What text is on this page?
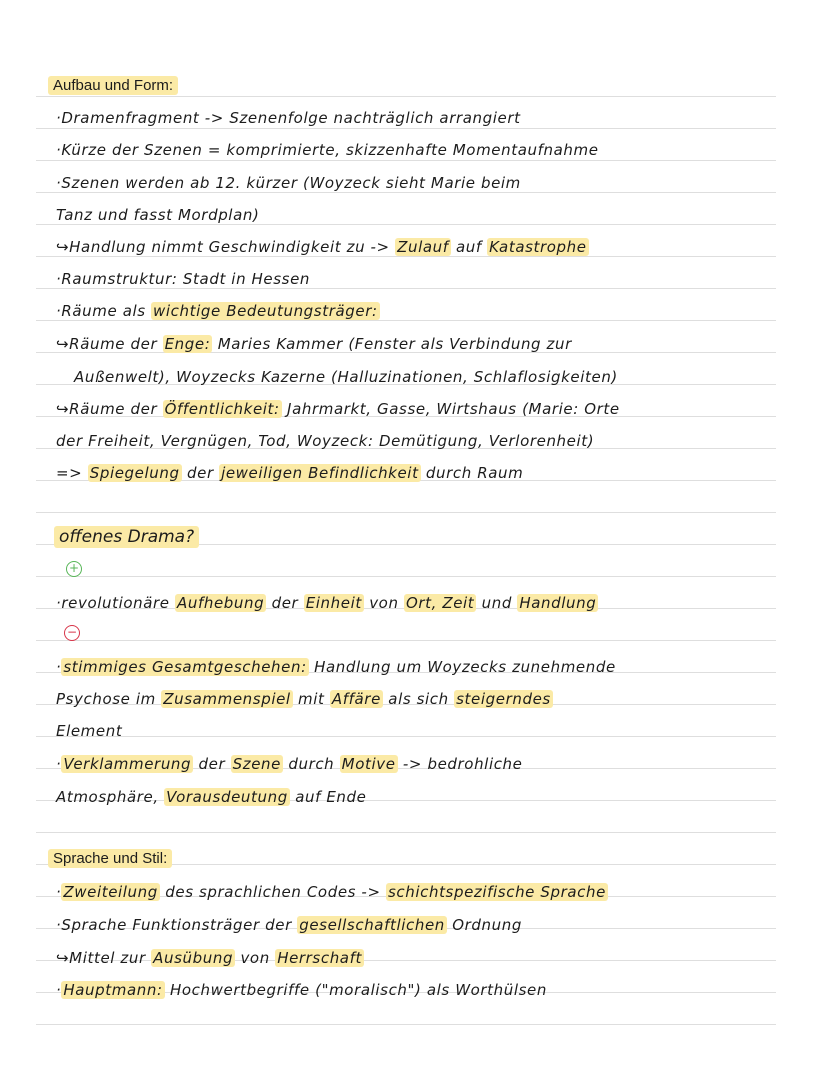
Aufbau und Form:
·Dramenfragment -> Szenenfolge nachträglich arrangiert
·Kürze der Szenen = komprimierte, skizzenhafte Momentaufnahme
·Szenen werden ab 12. kürzer (Woyzeck sieht Marie beim
Tanz und fasst Mordplan)
↪Handlung nimmt Geschwindigkeit zu -> Zulauf auf Katastrophe
·Raumstruktur: Stadt in Hessen
·Räume als wichtige Bedeutungsträger:
↪Räume der Enge: Maries Kammer (Fenster als Verbindung zur
Außenwelt), Woyzecks Kazerne (Halluzinationen, Schlaflosigkeiten)
↪Räume der Öffentlichkeit: Jahrmarkt, Gasse, Wirtshaus (Marie: Orte
der Freiheit, Vergnügen, Tod, Woyzeck: Demütigung, Verlorenheit)
=> Spiegelung der jeweiligen Befindlichkeit durch Raum
offenes Drama?
+
·revolutionäre Aufhebung der Einheit von Ort, Zeit und Handlung
−
· stimmiges Gesamtgeschehen: Handlung um Woyzecks zunehmende
Psychose im Zusammenspiel mit Affäre als sich steigerndes
Element
· Verklammerung der Szene durch Motive -> bedrohliche
Atmosphäre, Vorausdeutung auf Ende
Sprache und Stil:
· Zweiteilung des sprachlichen Codes -> schichtspezifische Sprache
·Sprache Funktionsträger der gesellschaftlichen Ordnung
↪Mittel zur Ausübung von Herrschaft
· Hauptmann: Hochwertbegriffe ("moralisch") als Worthülsen
